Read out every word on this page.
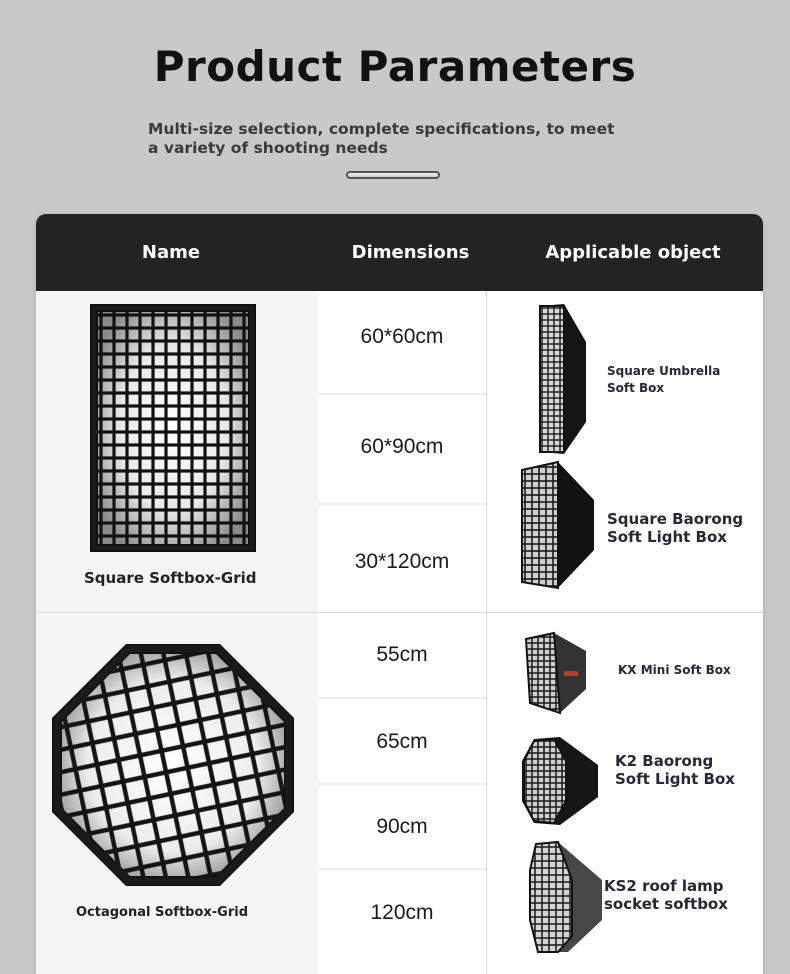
Product Parameters
Multi-size selection, complete specifications, to meet a variety of shooting needs
Name	Dimensions	Applicable object
Square Softbox-Grid
60*60cm
60*90cm
30*120cm
Square Umbrella
Soft Box
Square Baorong
Soft Light Box
Octagonal Softbox-Grid
55cm
65cm
90cm
120cm
KX Mini Soft Box
K2 Baorong
Soft Light Box
KS2 roof lamp
socket softbox
